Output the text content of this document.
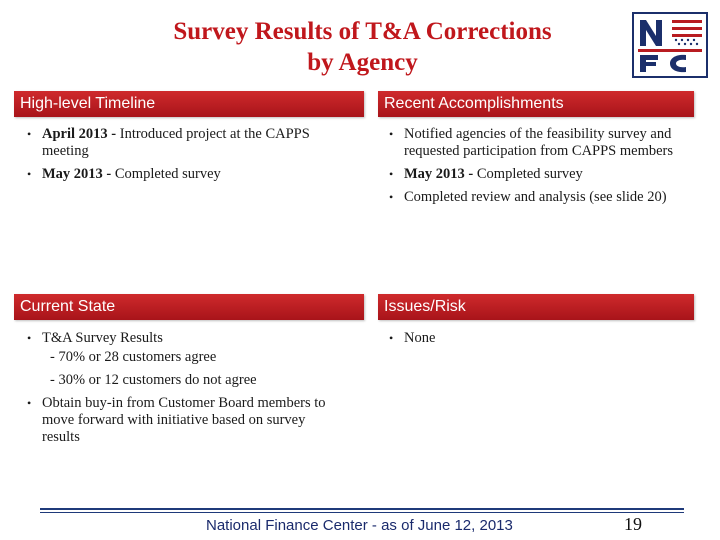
Survey Results of T&A Corrections
by Agency
High-level Timeline	Recent Accomplishments
Current State	Issues/Risk
• April 2013 - Introduced project at the CAPPS meeting
• May 2013 - Completed survey
• Notified agencies of the feasibility survey and requested participation from CAPPS members
• May 2013 - Completed survey
• Completed review and analysis (see slide 20)
• T&A Survey Results
- 70% or 28 customers agree
- 30% or 12 customers do not agree
• Obtain buy-in from Customer Board members to move forward with initiative based on survey results
• None
National Finance Center - as of June 12, 2013	19
